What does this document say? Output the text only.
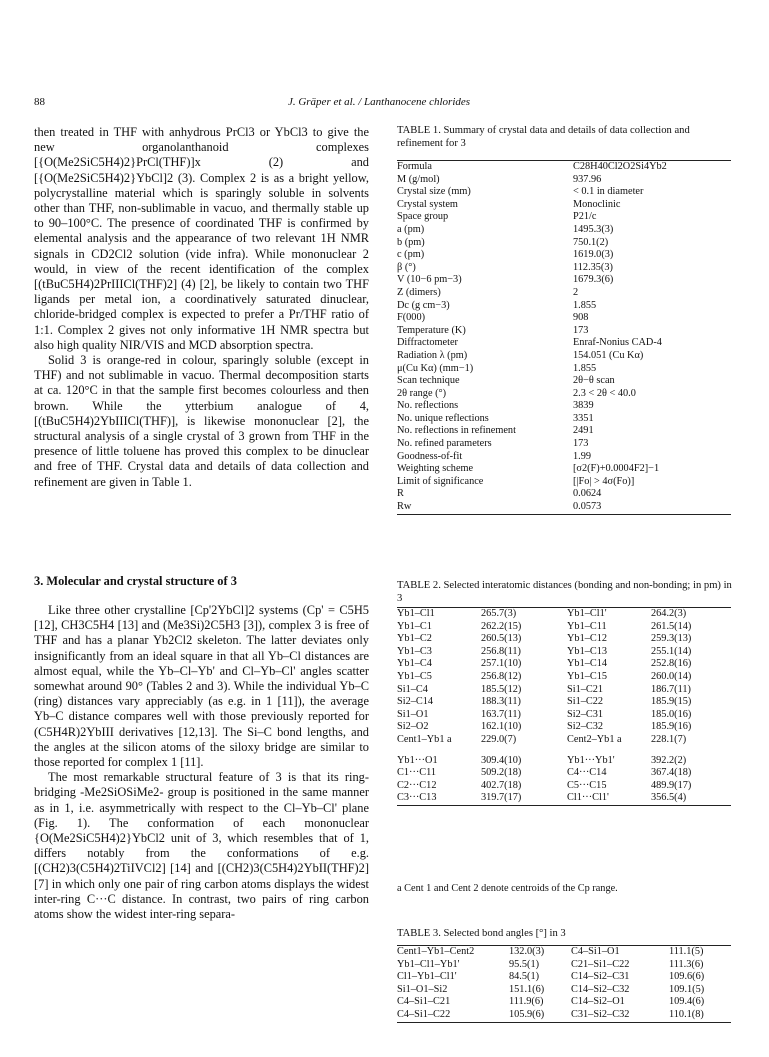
88	J. Gräper et al. / Lanthanocene chlorides

then treated in THF with anhydrous PrCl3 or YbCl3 to give the new organolanthanoid complexes [{O(Me2SiC5H4)2}PrCl(THF)]x (2) and [{O(Me2SiC5H4)2}YbCl]2 (3). Complex 2 is as a bright yellow, polycrystalline material which is sparingly soluble in solvents other than THF, non-sublimable in vacuo, and thermally stable up to 90–100°C. The presence of coordinated THF is confirmed by elemental analysis and the appearance of two relevant 1H NMR signals in CD2Cl2 solution (vide infra). While mononuclear 2 would, in view of the recent identification of the complex [(tBuC5H4)2PrIIICl(THF)2] (4) [2], be likely to contain two THF ligands per metal ion, a coordinatively saturated dinuclear, chloride-bridged complex is expected to prefer a Pr/THF ratio of 1:1. Complex 2 gives not only informative 1H NMR spectra but also high quality NIR/VIS and MCD absorption spectra.

Solid 3 is orange-red in colour, sparingly soluble (except in THF) and not sublimable in vacuo. Thermal decomposition starts at ca. 120°C in that the sample first becomes colourless and then brown. While the ytterbium analogue of 4, [(tBuC5H4)2YbIIICl(THF)], is likewise mononuclear [2], the structural analysis of a single crystal of 3 grown from THF in the presence of little toluene has proved this complex to be dinuclear and free of THF. Crystal data and details of data collection and refinement are given in Table 1.

3. Molecular and crystal structure of 3

Like three other crystalline [Cp'2YbCl]2 systems (Cp' = C5H5 [12], CH3C5H4 [13] and (Me3Si)2C5H3 [3]), complex 3 is free of THF and has a planar Yb2Cl2 skeleton. The latter deviates only insignificantly from an ideal square in that all Yb–Cl distances are almost equal, while the Yb–Cl–Yb' and Cl–Yb–Cl' angles scatter somewhat around 90° (Tables 2 and 3). While the individual Yb–C (ring) distances vary appreciably (as e.g. in 1 [11]), the average Yb–C distance compares well with those previously reported for (C5H4R)2YbIII derivatives [12,13]. The Si–C bond lengths, and the angles at the silicon atoms of the siloxy bridge are similar to those reported for complex 1 [11].

The most remarkable structural feature of 3 is that its ring-bridging -Me2SiOSiMe2- group is positioned in the same manner as in 1, i.e. asymmetrically with respect to the Cl–Yb–Cl' plane (Fig. 1). The conformation of each mononuclear {O(Me2SiC5H4)2}YbCl2 unit of 3, which resembles that of 1, differs notably from the conformations of e.g. [(CH2)3(C5H4)2TiIVCl2] [14] and [(CH2)3(C5H4)2YbII(THF)2] [7] in which only one pair of ring carbon atoms displays the widest inter-ring C···C distance. In contrast, two pairs of ring carbon atoms show the widest inter-ring separa-

TABLE 1. Summary of crystal data and details of data collection and refinement for 3
Formula	C28H40Cl2O2Si4Yb2
M (g/mol)	937.96
Crystal size (mm)	< 0.1 in diameter
Crystal system	Monoclinic
Space group	P21/c
a (pm)	1495.3(3)
b (pm)	750.1(2)
c (pm)	1619.0(3)
β (°)	112.35(3)
V (10−6 pm−3)	1679.3(6)
Z (dimers)	2
Dc (g cm−3)	1.855
F(000)	908
Temperature (K)	173
Diffractometer	Enraf-Nonius CAD-4
Radiation λ (pm)	154.051 (Cu Kα)
μ(Cu Kα) (mm−1)	1.855
Scan technique	2θ−θ scan
2θ range (°)	2.3 < 2θ < 40.0
No. reflections	3839
No. unique reflections	3351
No. reflections in refinement	2491
No. refined parameters	173
Goodness-of-fit	1.99
Weighting scheme	[σ2(F)+0.0004F2]−1
Limit of significance	[|Fo| > 4σ(Fo)]
R	0.0624
Rw	0.0573
TABLE 2. Selected interatomic distances (bonding and non-bonding; in pm) in 3
Yb1–Cl1	265.7(3)	Yb1–Cl1'	264.2(3)
Yb1–C1	262.2(15)	Yb1–C11	261.5(14)
Yb1–C2	260.5(13)	Yb1–C12	259.3(13)
Yb1–C3	256.8(11)	Yb1–C13	255.1(14)
Yb1–C4	257.1(10)	Yb1–C14	252.8(16)
Yb1–C5	256.8(12)	Yb1–C15	260.0(14)
Si1–C4	185.5(12)	Si1–C21	186.7(11)
Si2–C14	188.3(11)	Si1–C22	185.9(15)
Si1–O1	163.7(11)	Si2–C31	185.0(16)
Si2–O2	162.1(10)	Si2–C32	185.9(16)
Cent1–Yb1 a	229.0(7)	Cent2–Yb1 a	228.1(7)
Yb1···O1	309.4(10)	Yb1···Yb1'	392.2(2)
C1···C11	509.2(18)	C4···C14	367.4(18)
C2···C12	402.7(18)	C5···C15	489.9(17)
C3···C13	319.7(17)	Cl1···Cl1'	356.5(4)
a Cent 1 and Cent 2 denote centroids of the Cp range.
TABLE 3. Selected bond angles [°] in 3
Cent1–Yb1–Cent2	132.0(3)	C4–Si1–O1	111.1(5)
Yb1–Cl1–Yb1'	95.5(1)	C21–Si1–C22	111.3(6)
Cl1–Yb1–Cl1'	84.5(1)	C14–Si2–C31	109.6(6)
Si1–O1–Si2	151.1(6)	C14–Si2–C32	109.1(5)
C4–Si1–C21	111.9(6)	C14–Si2–O1	109.4(6)
C4–Si1–C22	105.9(6)	C31–Si2–C32	110.1(8)
